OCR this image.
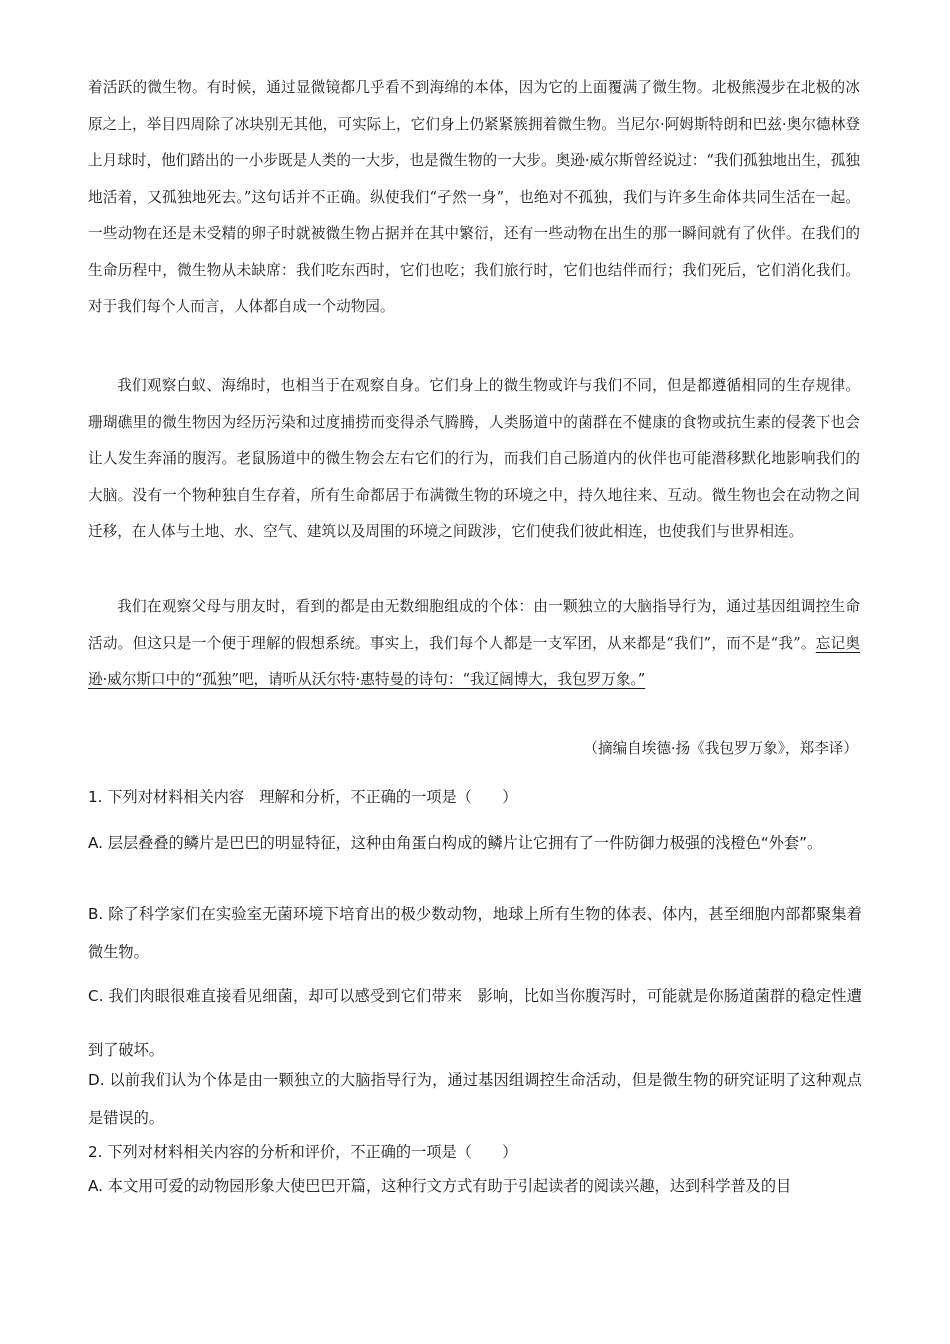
着活跃的微生物。有时候，通过显微镜都几乎看不到海绵的本体，因为它的上面覆满了微生物。北极熊漫步在北极的冰原之上，举目四周除了冰块别无其他，可实际上，它们身上仍紧紧簇拥着微生物。当尼尔·阿姆斯特朗和巴兹·奥尔德林登上月球时，他们踏出的一小步既是人类的一大步，也是微生物的一大步。奥逊·威尔斯曾经说过：“我们孤独地出生，孤独地活着，又孤独地死去。”这句话并不正确。纵使我们“孑然一身”，也绝对不孤独，我们与许多生命体共同生活在一起。一些动物在还是未受精的卵子时就被微生物占据并在其中繁衍，还有一些动物在出生的那一瞬间就有了伙伴。在我们的生命历程中，微生物从未缺席：我们吃东西时，它们也吃；我们旅行时，它们也结伴而行；我们死后，它们消化我们。对于我们每个人而言，人体都自成一个动物园。

我们观察白蚁、海绵时，也相当于在观察自身。它们身上的微生物或许与我们不同，但是都遵循相同的生存规律。珊瑚礁里的微生物因为经历污染和过度捕捞而变得杀气腾腾，人类肠道中的菌群在不健康的食物或抗生素的侵袭下也会让人发生奔涌的腹泻。老鼠肠道中的微生物会左右它们的行为，而我们自己肠道内的伙伴也可能潜移默化地影响我们的大脑。没有一个物种独自生存着，所有生命都居于布满微生物的环境之中，持久地往来、互动。微生物也会在动物之间迁移，在人体与土地、水、空气、建筑以及周围的环境之间跋涉，它们使我们彼此相连，也使我们与世界相连。

我们在观察父母与朋友时，看到的都是由无数细胞组成的个体：由一颗独立的大脑指导行为，通过基因组调控生命活动。但这只是一个便于理解的假想系统。事实上，我们每个人都是一支军团，从来都是“我们”，而不是“我”。忘记奥逊·威尔斯口中的“孤独”吧，请听从沃尔特·惠特曼的诗句：“我辽阔博大，我包罗万象。”

（摘编自埃德·扬《我包罗万象》，郑李译）

1. 下列对材料相关内容 理解和分析，不正确的一项是（　　）

A. 层层叠叠的鳞片是巴巴的明显特征，这种由角蛋白构成的鳞片让它拥有了一件防御力极强的浅橙色“外套”。

B. 除了科学家们在实验室无菌环境下培育出的极少数动物，地球上所有生物的体表、体内，甚至细胞内部都聚集着微生物。

C. 我们肉眼很难直接看见细菌，却可以感受到它们带来 影响，比如当你腹泻时，可能就是你肠道菌群的稳定性遭到了破坏。

D. 以前我们认为个体是由一颗独立的大脑指导行为，通过基因组调控生命活动，但是微生物的研究证明了这种观点是错误的。

2. 下列对材料相关内容的分析和评价，不正确的一项是（　　）

A. 本文用可爱的动物园形象大使巴巴开篇，这种行文方式有助于引起读者的阅读兴趣，达到科学普及的目
